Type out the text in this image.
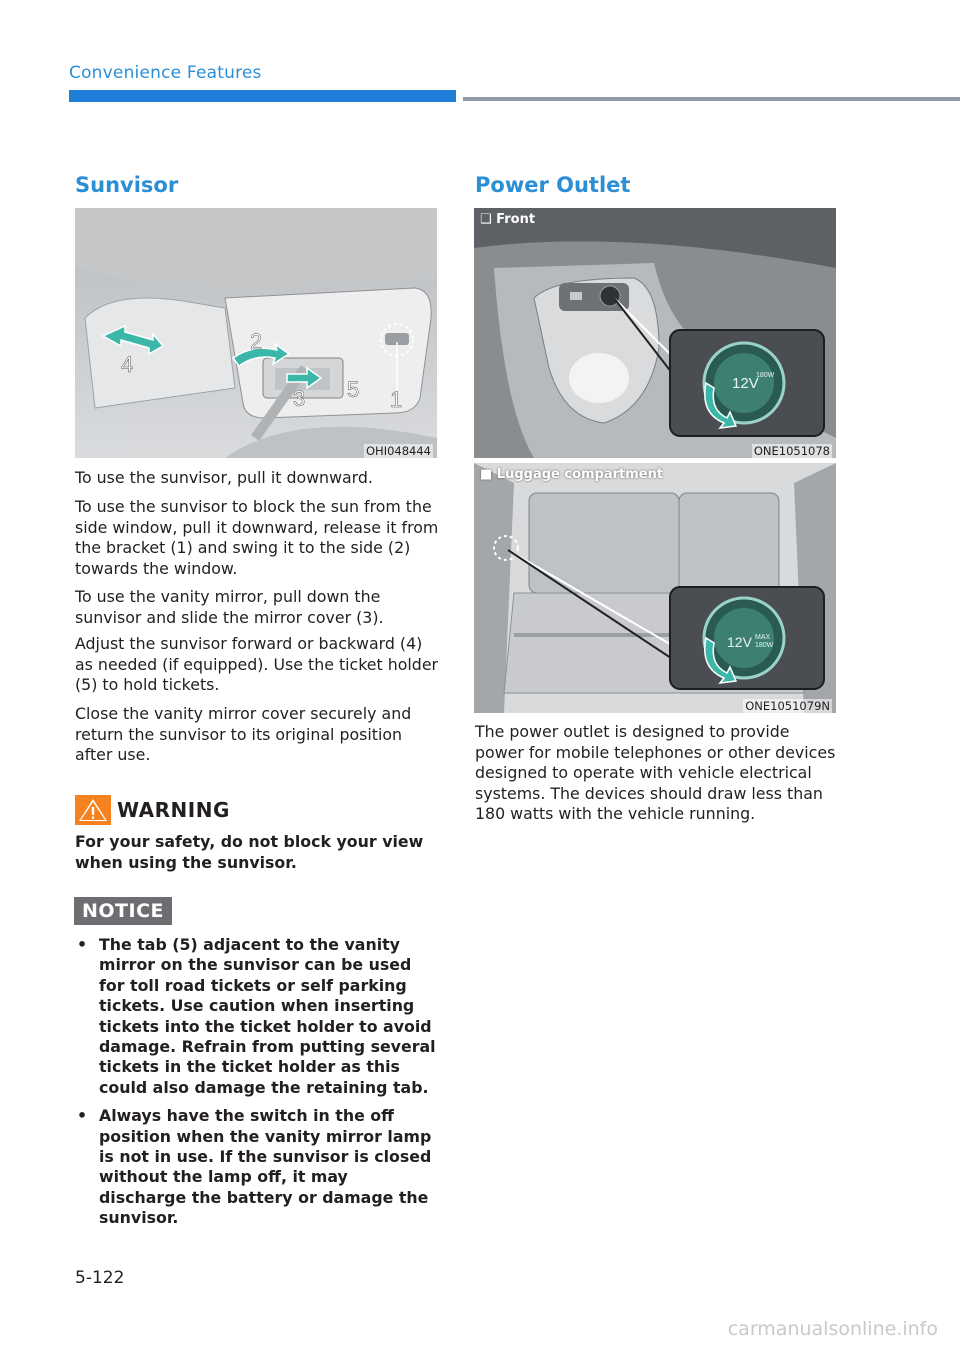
Convenience Features
Sunvisor
1
2
3
4
5
OHI048444

To use the sunvisor, pull it downward.

To use the sunvisor to block the sun from the side window, pull it downward, release it from the bracket (1) and swing it to the side (2) towards the window.

To use the vanity mirror, pull down the sunvisor and slide the mirror cover (3).

Adjust the sunvisor forward or backward (4) as needed (if equipped). Use the ticket holder (5) to hold tickets.

Close the vanity mirror cover securely and return the sunvisor to its original position after use.

WARNING

For your safety, do not block your view when using the sunvisor.

NOTICE
• The tab (5) adjacent to the vanity mirror on the sunvisor can be used for toll road tickets or self parking tickets. Use caution when inserting tickets into the ticket holder to avoid damage. Refrain from putting several tickets in the ticket holder as this could also damage the retaining tab.
• Always have the switch in the off position when the vanity mirror lamp is not in use. If the sunvisor is closed without the lamp off, it may discharge the battery or damage the sunvisor.
Power Outlet
12V
180W
❑ Front
ONE1051078
12V MAX
180W
■ Luggage compartment
ONE1051079N

The power outlet is designed to provide power for mobile telephones or other devices designed to operate with vehicle electrical systems. The devices should draw less than 180 watts with the vehicle running.

5-122
carmanualsonline.info
